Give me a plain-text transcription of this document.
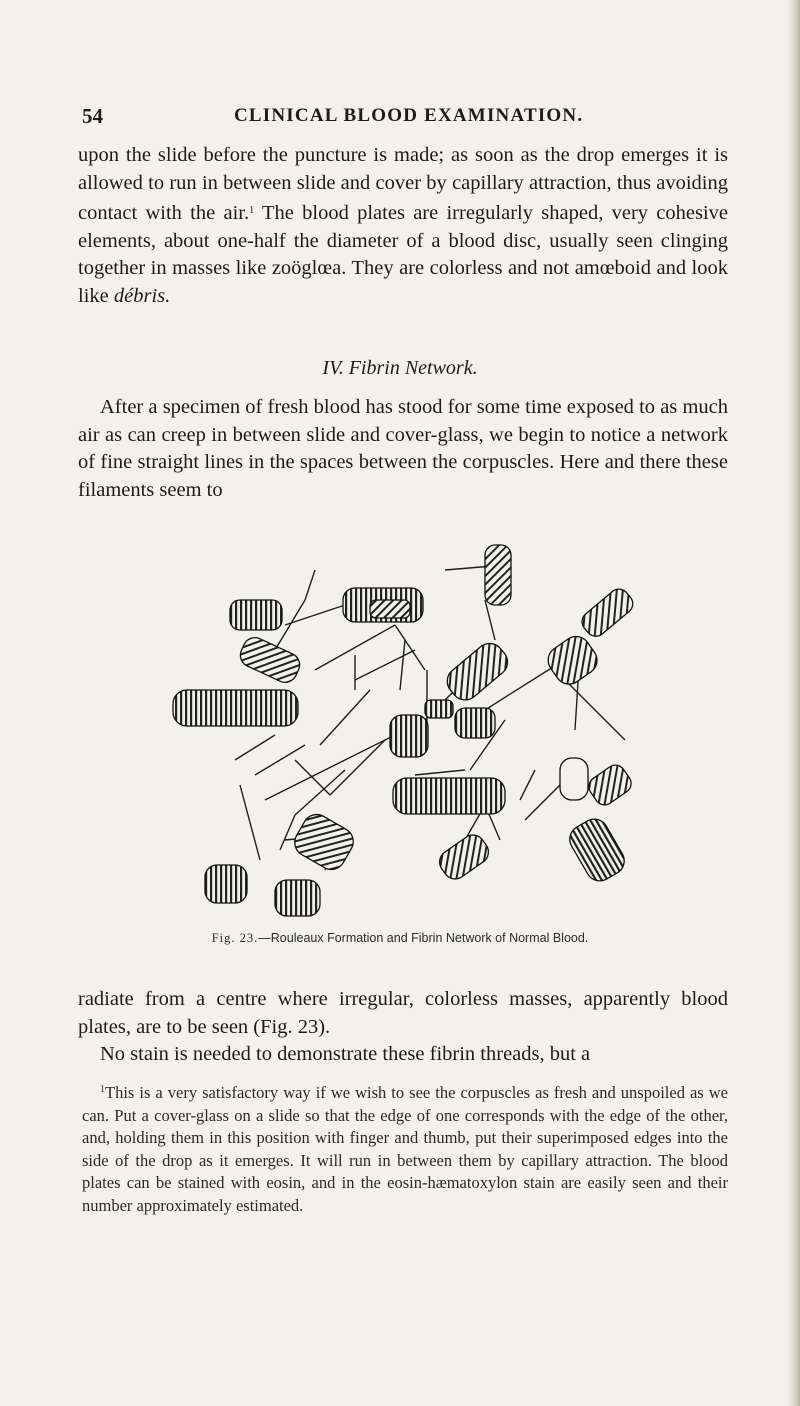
54	CLINICAL BLOOD EXAMINATION.

upon the slide before the puncture is made; as soon as the drop emerges it is allowed to run in between slide and cover by capillary attraction, thus avoiding contact with the air.$^1$ The blood plates are irregularly shaped, very cohesive elements, about one-half the diameter of a blood disc, usually seen clinging together in masses like zoöglœa. They are colorless and not amœboid and look like débris.

IV. Fibrin Network.

After a specimen of fresh blood has stood for some time exposed to as much air as can creep in between slide and cover-glass, we begin to notice a network of fine straight lines in the spaces between the corpuscles. Here and there these filaments seem to

Fig. 23.—Rouleaux Formation and Fibrin Network of Normal Blood.

radiate from a centre where irregular, colorless masses, apparently blood plates, are to be seen (Fig. 23).

No stain is needed to demonstrate these fibrin threads, but a

$^1$This is a very satisfactory way if we wish to see the corpuscles as fresh and unspoiled as we can. Put a cover-glass on a slide so that the edge of one corresponds with the edge of the other, and, holding them in this position with finger and thumb, put their superimposed edges into the side of the drop as it emerges. It will run in between them by capillary attraction. The blood plates can be stained with eosin, and in the eosin-hæmatoxylon stain are easily seen and their number approximately estimated.
